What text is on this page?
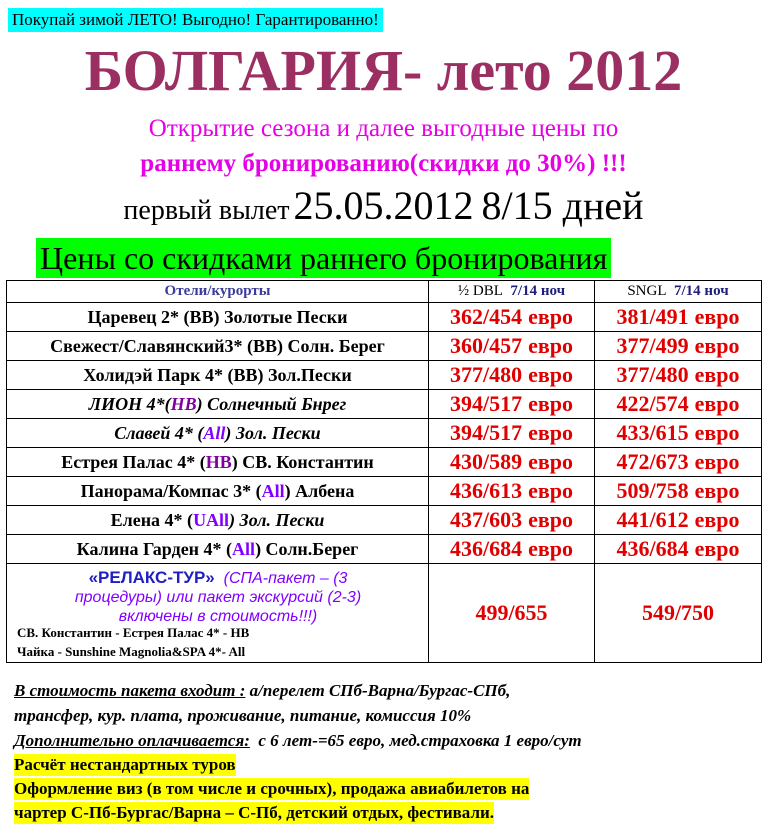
Покупай зимой ЛЕТО! Выгодно! Гарантированно!
БОЛГАРИЯ- лето 2012
Открытие сезона и далее выгодные цены по
раннему бронированию(скидки до 30%) !!!
первый вылет 25.05.2012 8/15 дней
Цены со скидками раннего бронирования
Отели/курорты	½ DBL 7/14 ноч	SNGL 7/14 ноч
Царевец 2* (ВВ) Золотые Пески	362/454 евро	381/491 евро
Свежест/Славянский3* (ВВ) Солн. Берег	360/457 евро	377/499 евро
Холидэй Парк 4* (ВВ) Зол.Пески	377/480 евро	377/480 евро
ЛИОН 4*(HB) Солнечный Бнрег	394/517 евро	422/574 евро
Славей 4* (All) Зол. Пески	394/517 евро	433/615 евро
Естрея Палас 4* (НВ) СВ. Константин	430/589 евро	472/673 евро
Панорама/Компас 3* (All) Албена	436/613 евро	509/758 евро
Елена 4* (UAll) Зол. Пески	437/603 евро	441/612 евро
Калина Гарден 4* (All) Солн.Берег	436/684 евро	436/684 евро

«РЕЛАКС-ТУР» (СПА-пакет – (3
процедуры) или пакет экскурсий (2-3)
включены в стоимость!!!)
СВ. Константин - Естрея Палас 4* - НВ
Чайка - Sunshine Magnolia&SPA 4*- All	499/655	549/750
В стоимость пакета входит : а/перелет СПб-Варна/Бургас-СПб,
трансфер, кур. плата, проживание, питание, комиссия 10%
Дополнительно оплачивается: с 6 лет-=65 евро, мед.страховка 1 евро/сут
Расчёт нестандартных туров
Оформление виз (в том числе и срочных), продажа авиабилетов на
чартер С-Пб-Бургас/Варна – С-Пб, детский отдых, фестивали.
